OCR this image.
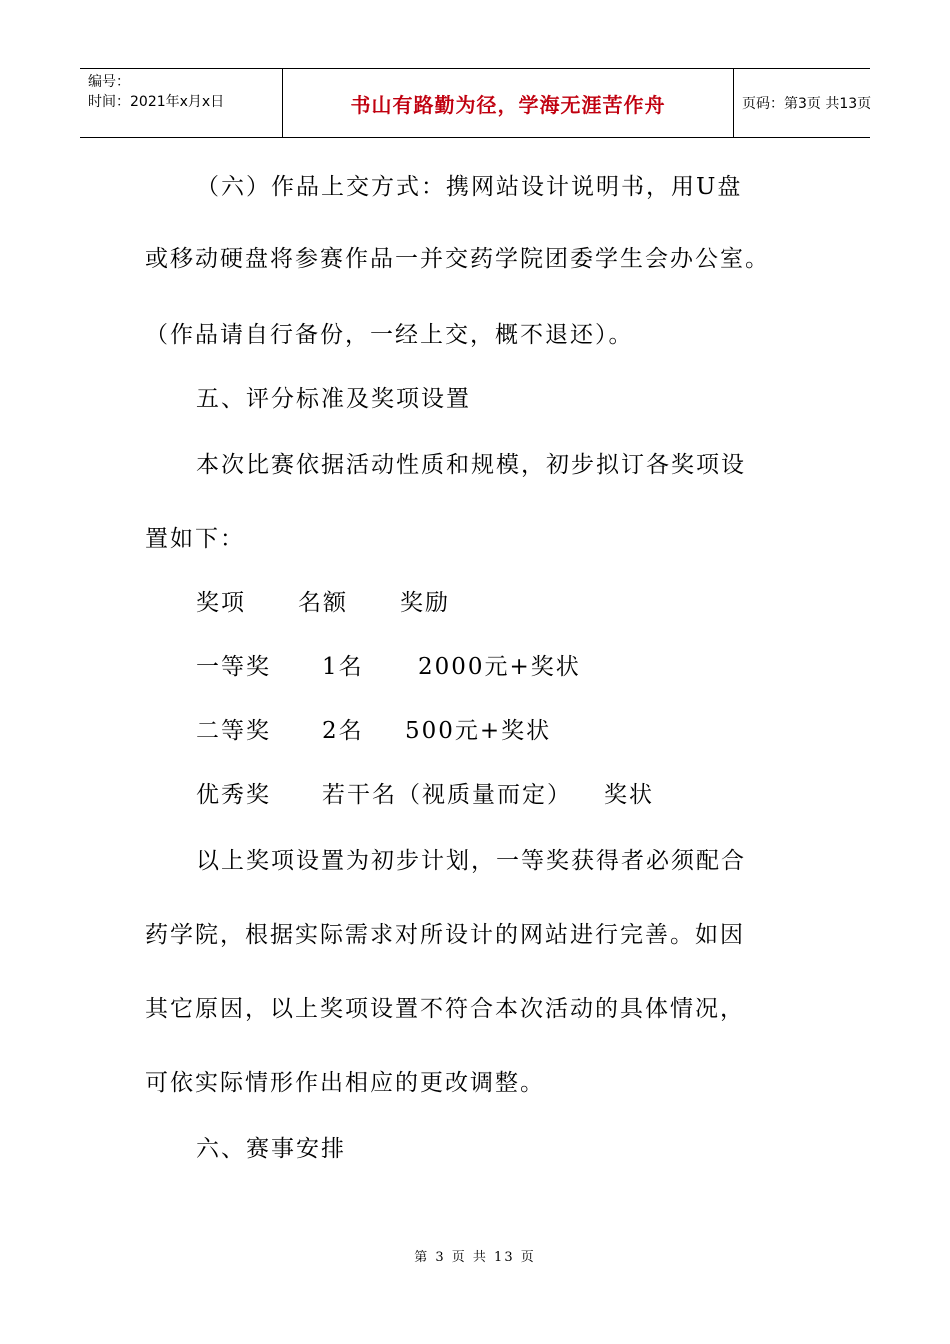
编号：
时间：2021年x月x日	书山有路勤为径，学海无涯苦作舟	页码：第3页 共13页
（六）作品上交方式：携网站设计说明书，用U盘
或移动硬盘将参赛作品一并交药学院团委学生会办公室。
（作品请自行备份，一经上交，概不退还）。
五、评分标准及奖项设置
本次比赛依据活动性质和规模，初步拟订各奖项设
置如下：
奖项 名额 奖励
一等奖 1名 2000元+奖状
二等奖 2名 500元+奖状
优秀奖 若干名（视质量而定） 奖状
以上奖项设置为初步计划，一等奖获得者必须配合
药学院，根据实际需求对所设计的网站进行完善。如因
其它原因，以上奖项设置不符合本次活动的具体情况，
可依实际情形作出相应的更改调整。
六、赛事安排
第 3 页 共 13 页
